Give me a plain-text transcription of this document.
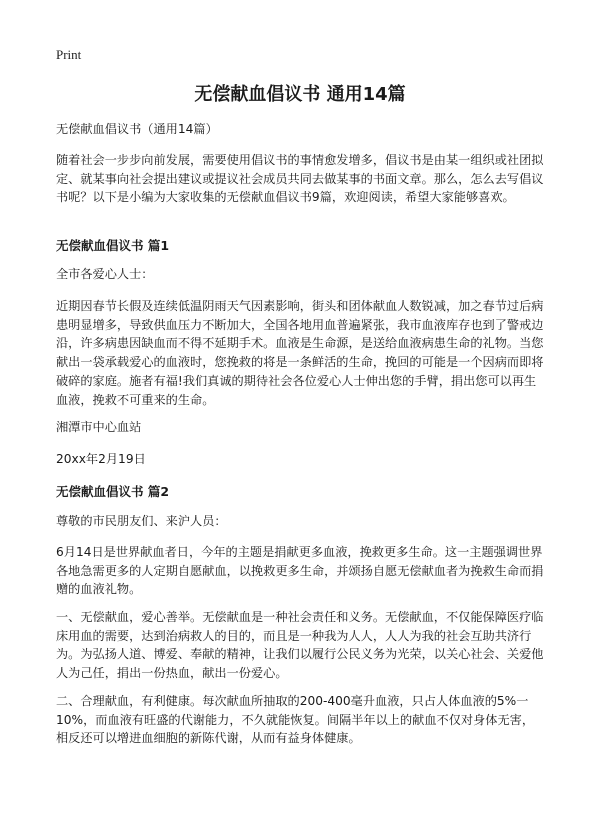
Print
无偿献血倡议书 通用14篇

无偿献血倡议书（通用14篇）

随着社会一步步向前发展，需要使用倡议书的事情愈发增多，倡议书是由某一组织或社团拟定、就某事向社会提出建议或提议社会成员共同去做某事的书面文章。那么，怎么去写倡议书呢？以下是小编为大家收集的无偿献血倡议书9篇，欢迎阅读，希望大家能够喜欢。

无偿献血倡议书 篇1

全市各爱心人士：

近期因春节长假及连续低温阴雨天气因素影响，街头和团体献血人数锐减，加之春节过后病患明显增多，导致供血压力不断加大，全国各地用血普遍紧张，我市血液库存也到了警戒边沿，许多病患因缺血而不得不延期手术。血液是生命源，是送给血液病患生命的礼物。当您献出一袋承载爱心的血液时，您挽救的将是一条鲜活的生命，挽回的可能是一个因病而即将破碎的家庭。施者有福!我们真诚的期待社会各位爱心人士伸出您的手臂，捐出您可以再生血液，挽救不可重来的生命。

湘潭市中心血站

20xx年2月19日

无偿献血倡议书 篇2

尊敬的市民朋友们、来沪人员：

6月14日是世界献血者日，今年的主题是捐献更多血液，挽救更多生命。这一主题强调世界各地急需更多的人定期自愿献血，以挽救更多生命，并颂扬自愿无偿献血者为挽救生命而捐赠的血液礼物。

一、无偿献血，爱心善举。无偿献血是一种社会责任和义务。无偿献血，不仅能保障医疗临床用血的需要，达到治病救人的目的，而且是一种我为人人，人人为我的社会互助共济行为。为弘扬人道、博爱、奉献的精神，让我们以履行公民义务为光荣，以关心社会、关爱他人为己任，捐出一份热血，献出一份爱心。

二、合理献血，有利健康。每次献血所抽取的200-400毫升血液，只占人体血液的5%一10%，而血液有旺盛的代谢能力，不久就能恢复。间隔半年以上的献血不仅对身体无害，相反还可以增进血细胞的新陈代谢，从而有益身体健康。
